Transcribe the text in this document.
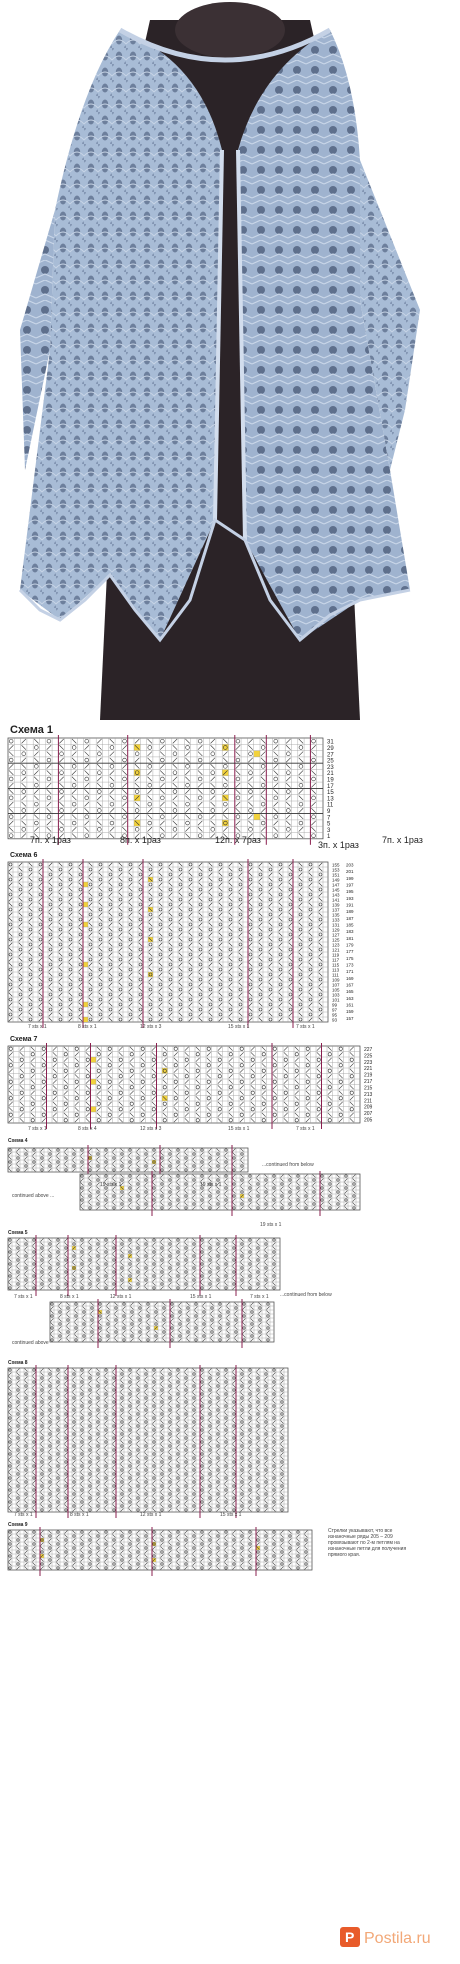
Схема 1
31
29
27
25
23
21
19
17
15
13
11
9
7
5
3
1
7п. х 1раз	8п. х 1раз	12п. х 7раз	3п. х 1раз	7п. х 1раз
Схема 6
155
153
151
149
147
145
143
141
139
137
135
133
131
129
127
125
123
121
119
117
115
113
111
109
107
105
103
101
99
97
95
93
203
201
199
197
195
193
191
189
187
185
183
181
179
177
175
173
171
169
167
165
163
161
159
157
7 sts x 1	8 sts x 1	12 sts x 3	15 sts x 1	7 sts x 1
Схема 7
227
225
223
221
219
217
215
213
211
209
207
205
7 sts x 1	8 sts x 4	12 sts x 3	15 sts x 1	7 sts x 1
Схема 4
...continued from below
continued above ...
19 sts x 1	19 sts x 1
19 sts x 1
Схема 5
...continued from below
continued above
7 sts x 1	8 sts x 1	12 sts x 1	15 sts x 1	7 sts x 1
Схема 8
7 sts x 1	8 sts x 1	12 sts x 1	15 sts x 1
Схема 9
Стрелки указывают, что все изнаночные ряды 205 – 209 провязывают по 2-м петлям на изнаночные петли для получения прямого края.
P Postila.ru
